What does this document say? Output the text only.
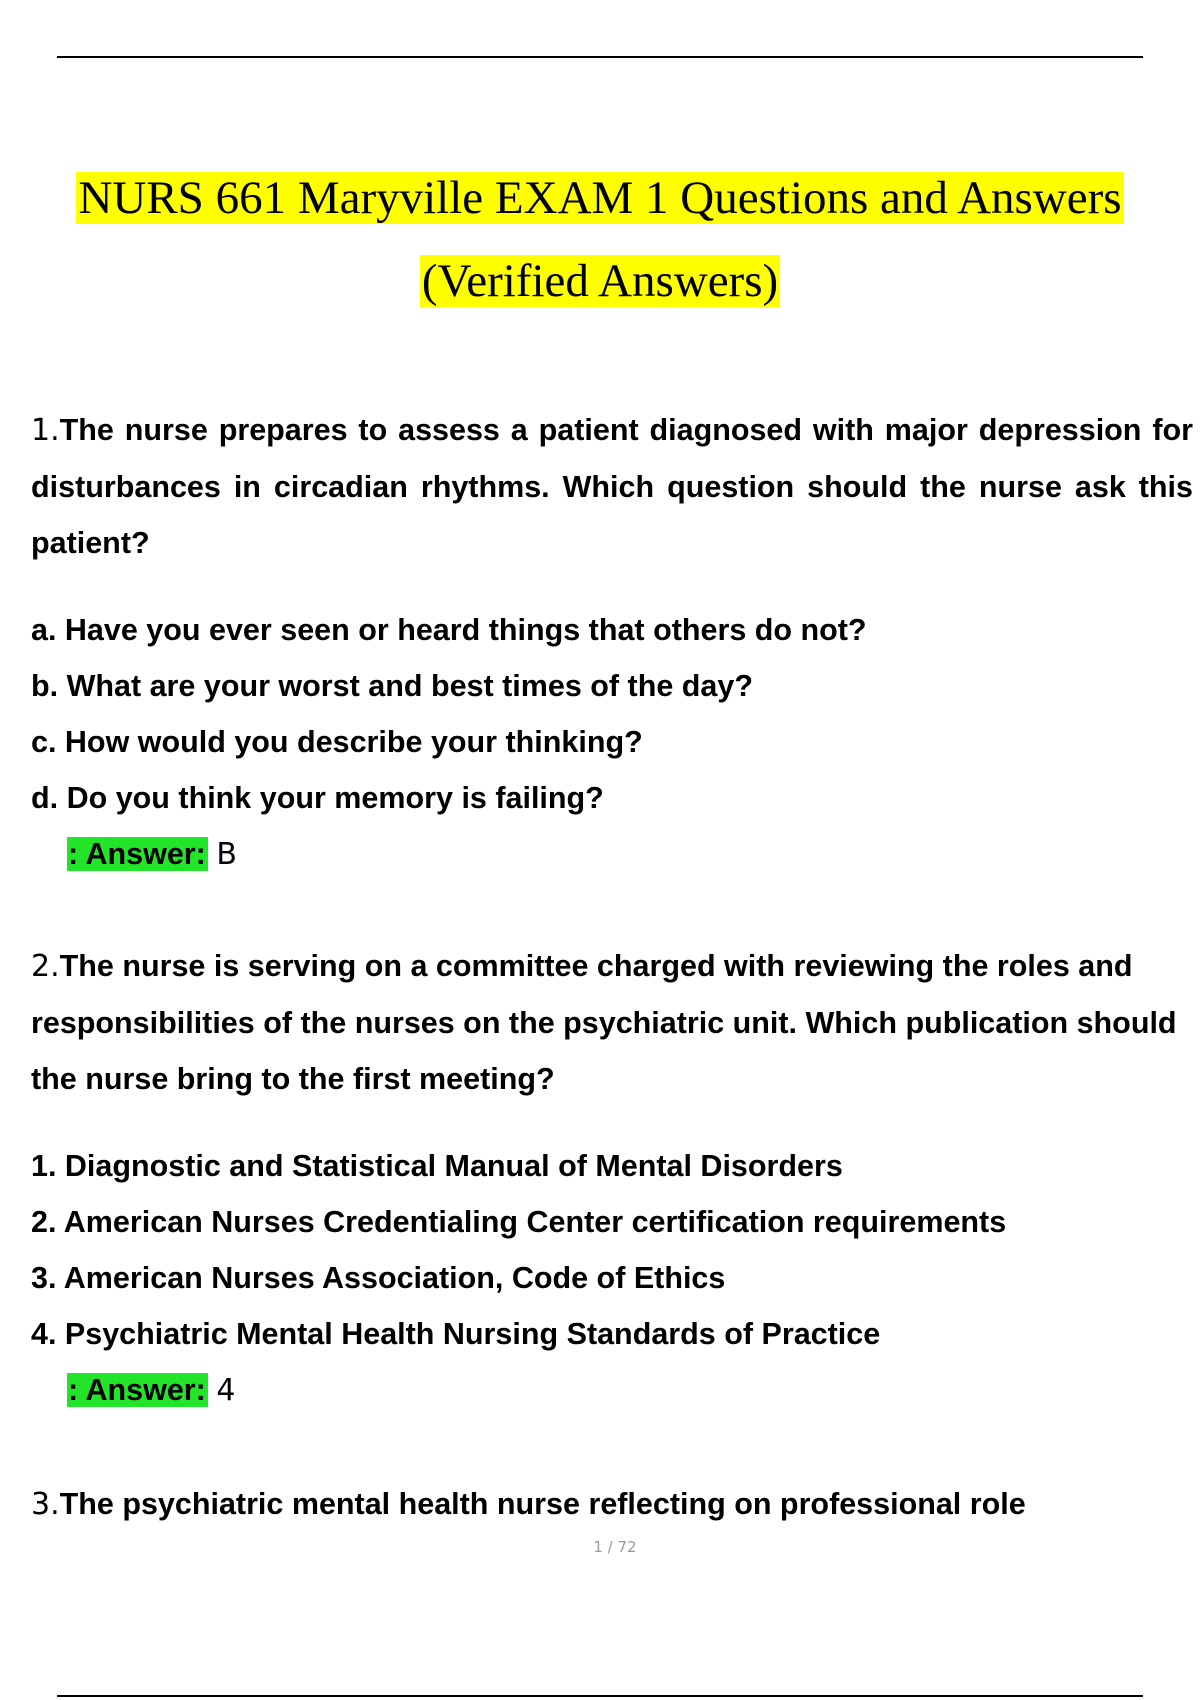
NURS 661 Maryville EXAM 1 Questions and Answers
(Verified Answers)

1.The nurse prepares to assess a patient diagnosed with major depression for disturbances in circadian rhythms. Which question should the nurse ask this patient?

a. Have you ever seen or heard things that others do not?
b. What are your worst and best times of the day?
c. How would you describe your thinking?
d. Do you think your memory is failing?
: Answer: B

2.The nurse is serving on a committee charged with reviewing the roles and responsibilities of the nurses on the psychiatric unit. Which publication should the nurse bring to the first meeting?

1. Diagnostic and Statistical Manual of Mental Disorders
2. American Nurses Credentialing Center certification requirements
3. American Nurses Association, Code of Ethics
4. Psychiatric Mental Health Nursing Standards of Practice
: Answer: 4

3.The psychiatric mental health nurse reflecting on professional role

1 / 72
